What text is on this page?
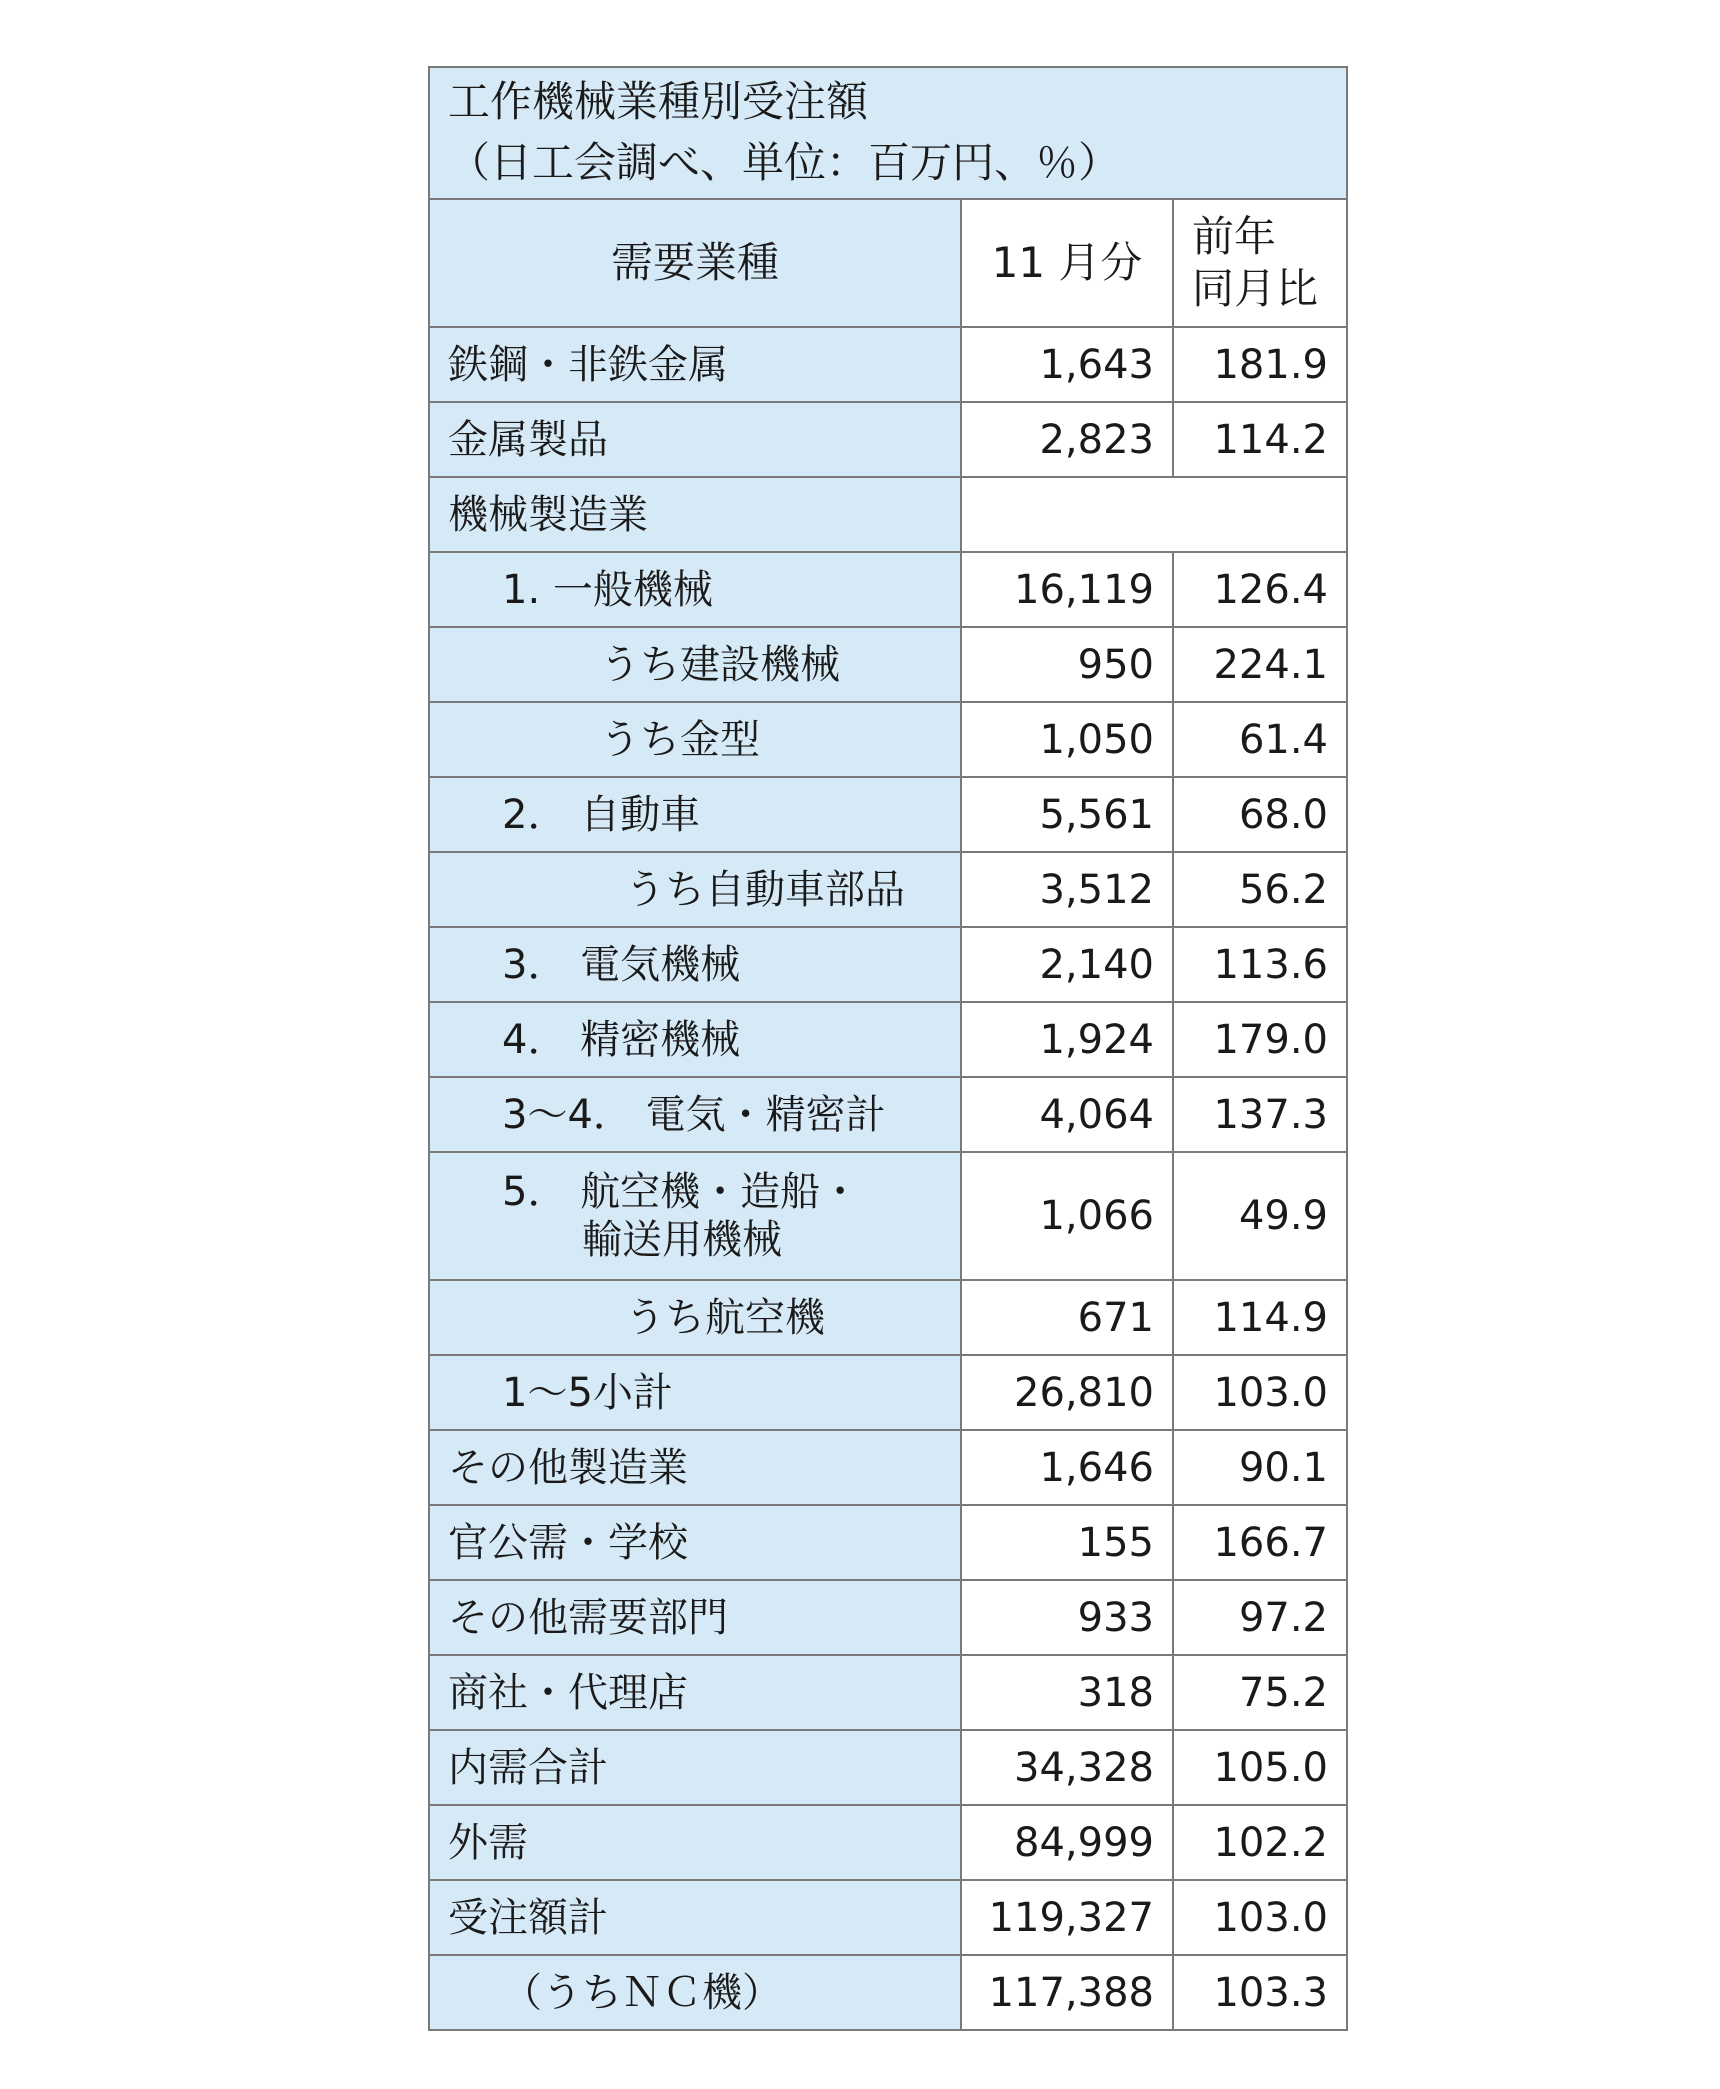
工作機械業種別受注額
（日工会調べ、単位：百万円、％）		

需要業種	11 月分	前年
同月比

鉄鋼・非鉄金属	1,643	181.9
金属製品	2,823	114.2
機械製造業		
1. 一般機械	16,119	126.4
うち建設機械	950	224.1
うち金型	1,050	61.4
2． 自動車	5,561	68.0
うち自動車部品	3,512	56.2
3． 電気機械	2,140	113.6
4． 精密機械	1,924	179.0
3～4． 電気・精密計	4,064	137.3

5． 航空機・造船・
輸送用機械	1,066	49.9
うち航空機	671	114.9
1～5小計	26,810	103.0
その他製造業	1,646	90.1
官公需・学校	155	166.7
その他需要部門	933	97.2
商社・代理店	318	75.2
内需合計	34,328	105.0
外需	84,999	102.2
受注額計	119,327	103.0
（うちＮＣ機）	117,388	103.3
